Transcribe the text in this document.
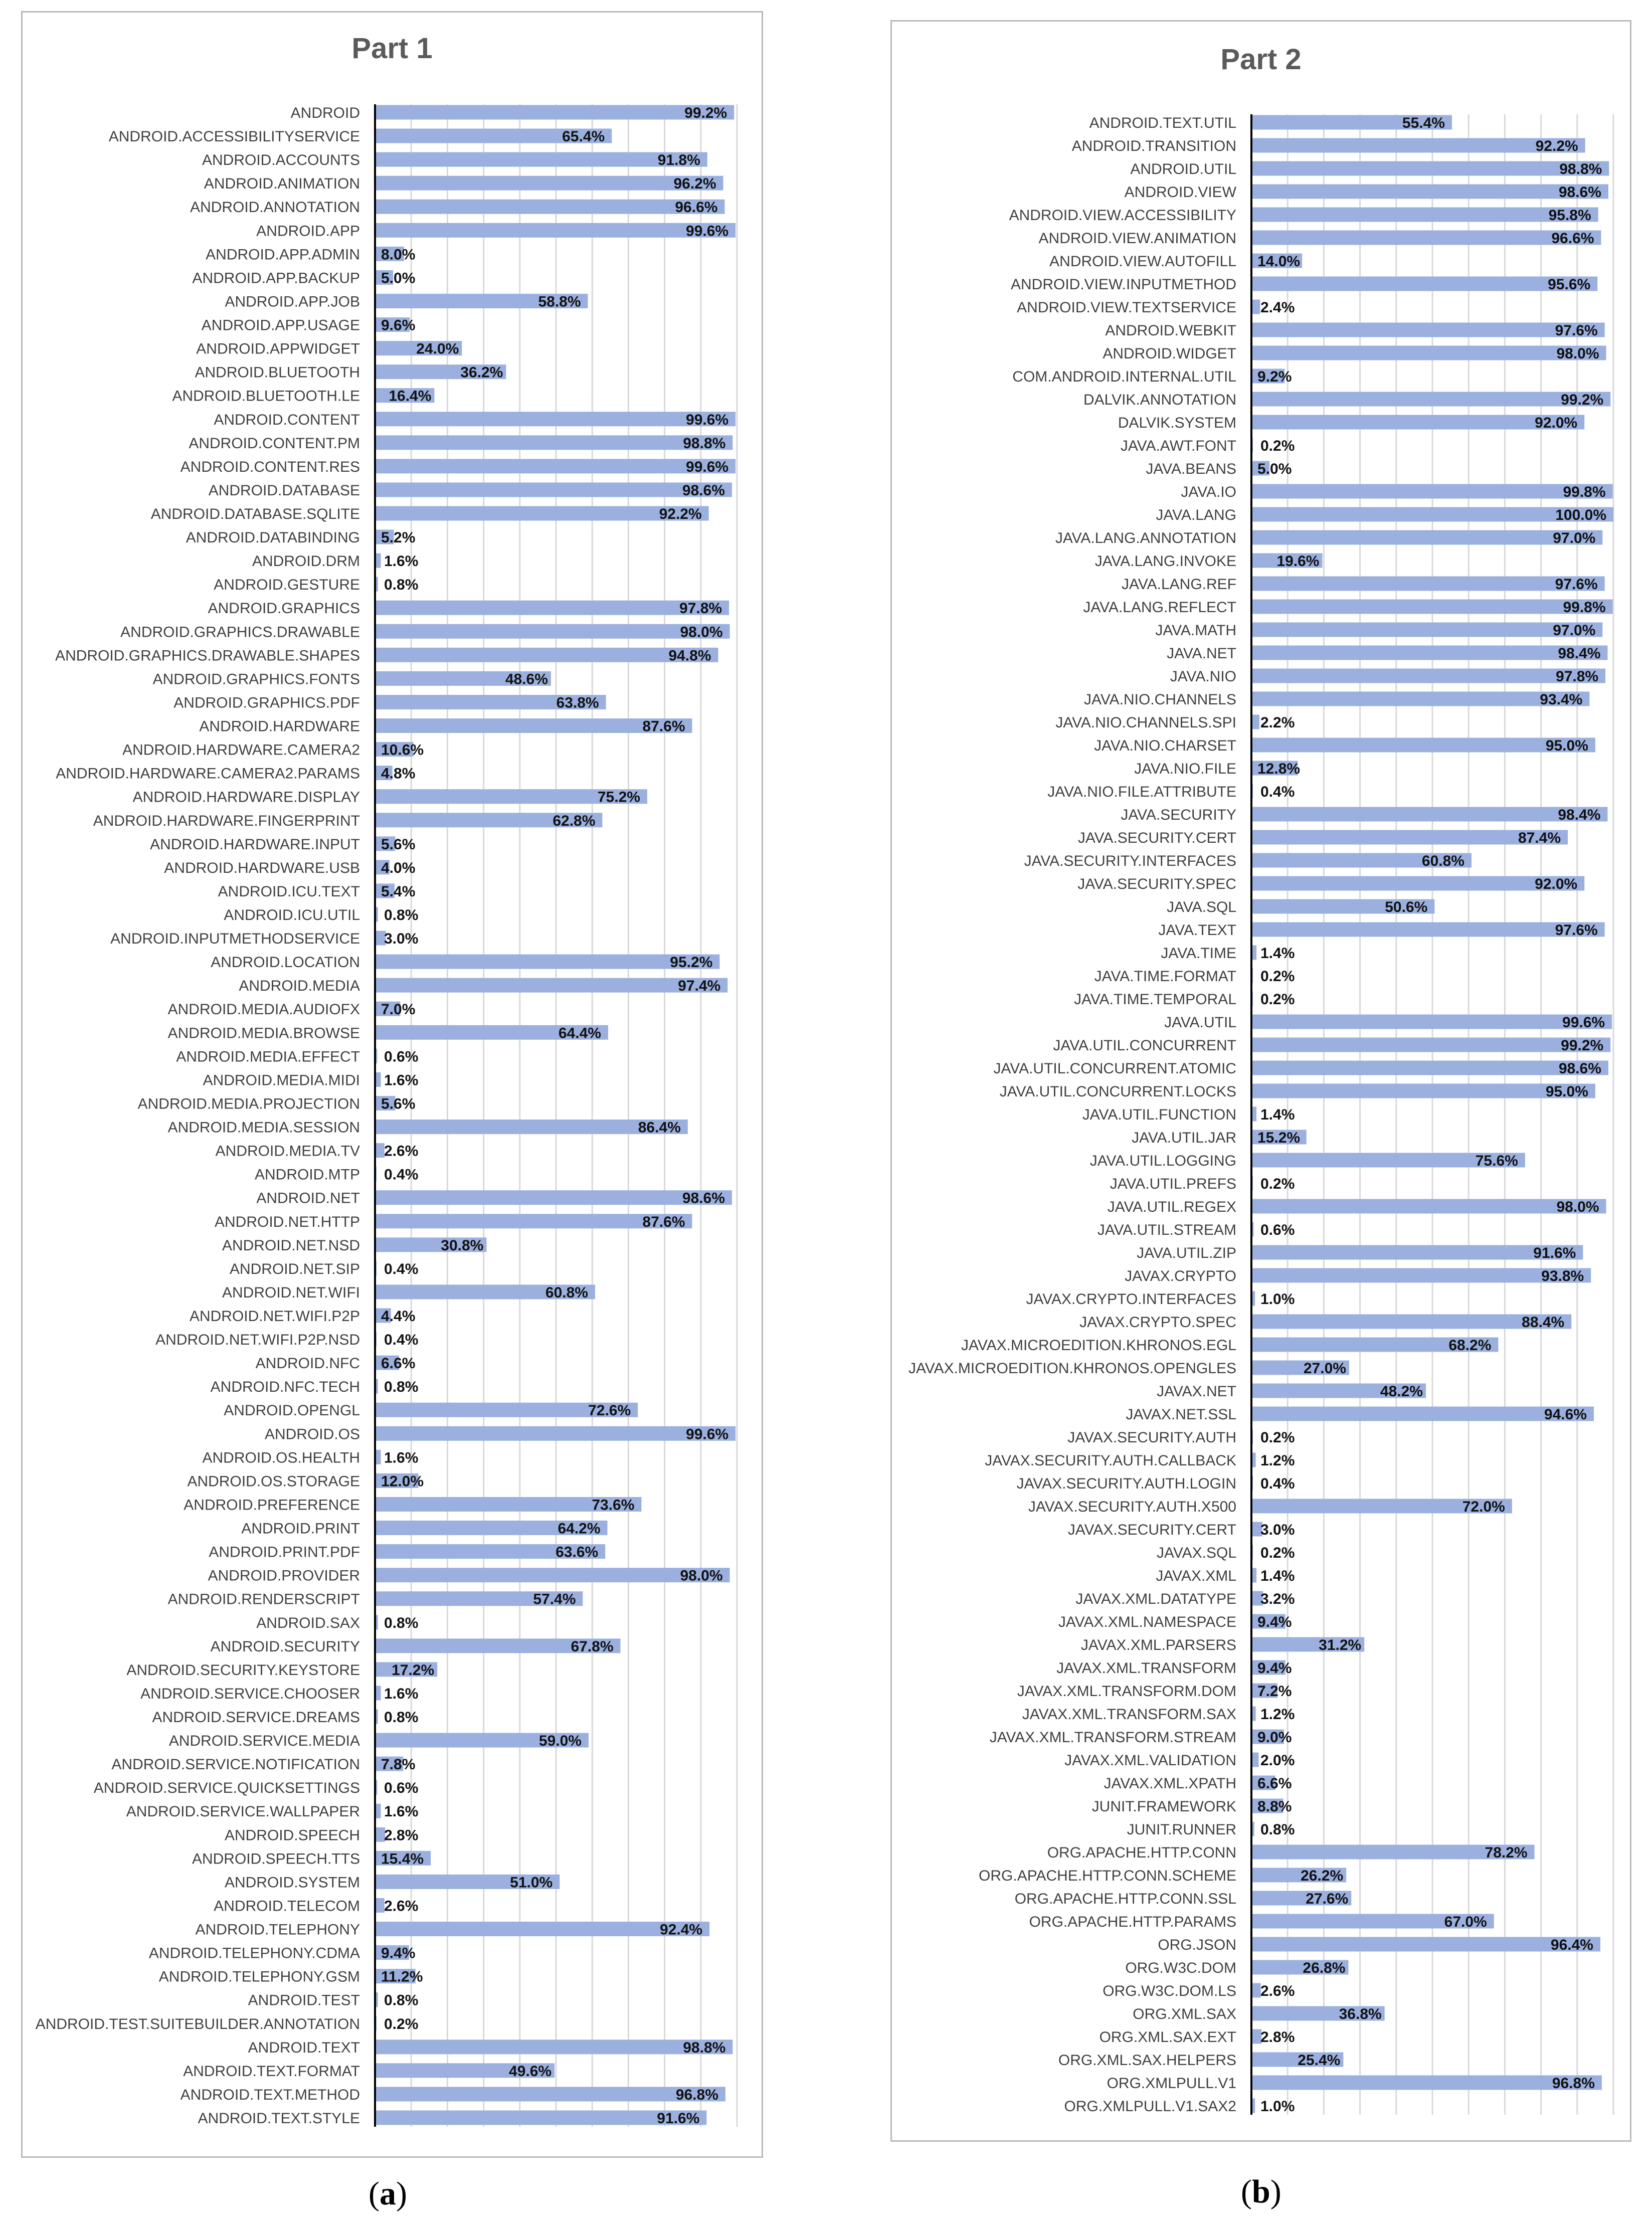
Part 1
ANDROID	99.2%
ANDROID.ACCESSIBILITYSERVICE	65.4%
ANDROID.ACCOUNTS	91.8%
ANDROID.ANIMATION	96.2%
ANDROID.ANNOTATION	96.6%
ANDROID.APP	99.6%
ANDROID.APP.ADMIN 8.0%
ANDROID.APP.BACKUP 5.0%
ANDROID.APP.JOB	58.8%
ANDROID.APP.USAGE 9.6%
ANDROID.APPWIDGET	24.0%
ANDROID.BLUETOOTH	36.2%
ANDROID.BLUETOOTH.LE 16.4%
ANDROID.CONTENT	99.6%
ANDROID.CONTENT.PM	98.8%
ANDROID.CONTENT.RES	99.6%
ANDROID.DATABASE	98.6%
ANDROID.DATABASE.SQLITE	92.2%
ANDROID.DATABINDING 5.2%
ANDROID.DRM 1.6%
ANDROID.GESTURE 0.8%
ANDROID.GRAPHICS	97.8%
ANDROID.GRAPHICS.DRAWABLE	98.0%
ANDROID.GRAPHICS.DRAWABLE.SHAPES	94.8%
ANDROID.GRAPHICS.FONTS	48.6%
ANDROID.GRAPHICS.PDF	63.8%
ANDROID.HARDWARE	87.6%
ANDROID.HARDWARE.CAMERA2 10.6%
ANDROID.HARDWARE.CAMERA2.PARAMS 4.8%
ANDROID.HARDWARE.DISPLAY	75.2%
ANDROID.HARDWARE.FINGERPRINT	62.8%
ANDROID.HARDWARE.INPUT 5.6%
ANDROID.HARDWARE.USB 4.0%
ANDROID.ICU.TEXT 5.4%
ANDROID.ICU.UTIL 0.8%
ANDROID.INPUTMETHODSERVICE 3.0%
ANDROID.LOCATION	95.2%
ANDROID.MEDIA	97.4%
ANDROID.MEDIA.AUDIOFX 7.0%
ANDROID.MEDIA.BROWSE	64.4%
ANDROID.MEDIA.EFFECT 0.6%
ANDROID.MEDIA.MIDI 1.6%
ANDROID.MEDIA.PROJECTION 5.6%
ANDROID.MEDIA.SESSION	86.4%
ANDROID.MEDIA.TV 2.6%
ANDROID.MTP 0.4%
ANDROID.NET	98.6%
ANDROID.NET.HTTP	87.6%
ANDROID.NET.NSD	30.8%
ANDROID.NET.SIP 0.4%
ANDROID.NET.WIFI	60.8%
ANDROID.NET.WIFI.P2P 4.4%
ANDROID.NET.WIFI.P2P.NSD 0.4%
ANDROID.NFC 6.6%
ANDROID.NFC.TECH 0.8%
ANDROID.OPENGL	72.6%
ANDROID.OS	99.6%
ANDROID.OS.HEALTH 1.6%
ANDROID.OS.STORAGE 12.0%
ANDROID.PREFERENCE	73.6%
ANDROID.PRINT	64.2%
ANDROID.PRINT.PDF	63.6%
ANDROID.PROVIDER	98.0%
ANDROID.RENDERSCRIPT	57.4%
ANDROID.SAX 0.8%
ANDROID.SECURITY	67.8%
ANDROID.SECURITY.KEYSTORE 17.2%
ANDROID.SERVICE.CHOOSER 1.6%
ANDROID.SERVICE.DREAMS 0.8%
ANDROID.SERVICE.MEDIA	59.0%
ANDROID.SERVICE.NOTIFICATION 7.8%
ANDROID.SERVICE.QUICKSETTINGS 0.6%
ANDROID.SERVICE.WALLPAPER 1.6%
ANDROID.SPEECH 2.8%
ANDROID.SPEECH.TTS 15.4%
ANDROID.SYSTEM	51.0%
ANDROID.TELECOM 2.6%
ANDROID.TELEPHONY	92.4%
ANDROID.TELEPHONY.CDMA 9.4%
ANDROID.TELEPHONY.GSM 11.2%
ANDROID.TEST 0.8%
ANDROID.TEST.SUITEBUILDER.ANNOTATION 0.2%
ANDROID.TEXT	98.8%
ANDROID.TEXT.FORMAT	49.6%
ANDROID.TEXT.METHOD	96.8%
ANDROID.TEXT.STYLE	91.6%
Part 2
ANDROID.TEXT.UTIL	55.4%
ANDROID.TRANSITION	92.2%
ANDROID.UTIL	98.8%
ANDROID.VIEW	98.6%
ANDROID.VIEW.ACCESSIBILITY	95.8%
ANDROID.VIEW.ANIMATION	96.6%
ANDROID.VIEW.AUTOFILL 14.0%
ANDROID.VIEW.INPUTMETHOD	95.6%
ANDROID.VIEW.TEXTSERVICE 2.4%
ANDROID.WEBKIT	97.6%
ANDROID.WIDGET	98.0%
COM.ANDROID.INTERNAL.UTIL 9.2%
DALVIK.ANNOTATION	99.2%
DALVIK.SYSTEM	92.0%
JAVA.AWT.FONT 0.2%
JAVA.BEANS 5.0%
JAVA.IO	99.8%
JAVA.LANG	100.0%
JAVA.LANG.ANNOTATION	97.0%
JAVA.LANG.INVOKE	19.6%
JAVA.LANG.REF	97.6%
JAVA.LANG.REFLECT	99.8%
JAVA.MATH	97.0%
JAVA.NET	98.4%
JAVA.NIO	97.8%
JAVA.NIO.CHANNELS	93.4%
JAVA.NIO.CHANNELS.SPI 2.2%
JAVA.NIO.CHARSET	95.0%
JAVA.NIO.FILE 12.8%
JAVA.NIO.FILE.ATTRIBUTE 0.4%
JAVA.SECURITY	98.4%
JAVA.SECURITY.CERT	87.4%
JAVA.SECURITY.INTERFACES	60.8%
JAVA.SECURITY.SPEC	92.0%
JAVA.SQL	50.6%
JAVA.TEXT	97.6%
JAVA.TIME 1.4%
JAVA.TIME.FORMAT 0.2%
JAVA.TIME.TEMPORAL 0.2%
JAVA.UTIL	99.6%
JAVA.UTIL.CONCURRENT	99.2%
JAVA.UTIL.CONCURRENT.ATOMIC	98.6%
JAVA.UTIL.CONCURRENT.LOCKS	95.0%
JAVA.UTIL.FUNCTION 1.4%
JAVA.UTIL.JAR 15.2%
JAVA.UTIL.LOGGING	75.6%
JAVA.UTIL.PREFS 0.2%
JAVA.UTIL.REGEX	98.0%
JAVA.UTIL.STREAM 0.6%
JAVA.UTIL.ZIP	91.6%
JAVAX.CRYPTO	93.8%
JAVAX.CRYPTO.INTERFACES 1.0%
JAVAX.CRYPTO.SPEC	88.4%
JAVAX.MICROEDITION.KHRONOS.EGL	68.2%
JAVAX.MICROEDITION.KHRONOS.OPENGLES	27.0%
JAVAX.NET	48.2%
JAVAX.NET.SSL	94.6%
JAVAX.SECURITY.AUTH 0.2%
JAVAX.SECURITY.AUTH.CALLBACK 1.2%
JAVAX.SECURITY.AUTH.LOGIN 0.4%
JAVAX.SECURITY.AUTH.X500	72.0%
JAVAX.SECURITY.CERT 3.0%
JAVAX.SQL 0.2%
JAVAX.XML 1.4%
JAVAX.XML.DATATYPE 3.2%
JAVAX.XML.NAMESPACE 9.4%
JAVAX.XML.PARSERS	31.2%
JAVAX.XML.TRANSFORM 9.4%
JAVAX.XML.TRANSFORM.DOM 7.2%
JAVAX.XML.TRANSFORM.SAX 1.2%
JAVAX.XML.TRANSFORM.STREAM 9.0%
JAVAX.XML.VALIDATION 2.0%
JAVAX.XML.XPATH 6.6%
JUNIT.FRAMEWORK 8.8%
JUNIT.RUNNER 0.8%
ORG.APACHE.HTTP.CONN	78.2%
ORG.APACHE.HTTP.CONN.SCHEME	26.2%
ORG.APACHE.HTTP.CONN.SSL	27.6%
ORG.APACHE.HTTP.PARAMS	67.0%
ORG.JSON	96.4%
ORG.W3C.DOM	26.8%
ORG.W3C.DOM.LS 2.6%
ORG.XML.SAX	36.8%
ORG.XML.SAX.EXT 2.8%
ORG.XML.SAX.HELPERS	25.4%
ORG.XMLPULL.V1	96.8%
ORG.XMLPULL.V1.SAX2 1.0%
(a)	(b)
